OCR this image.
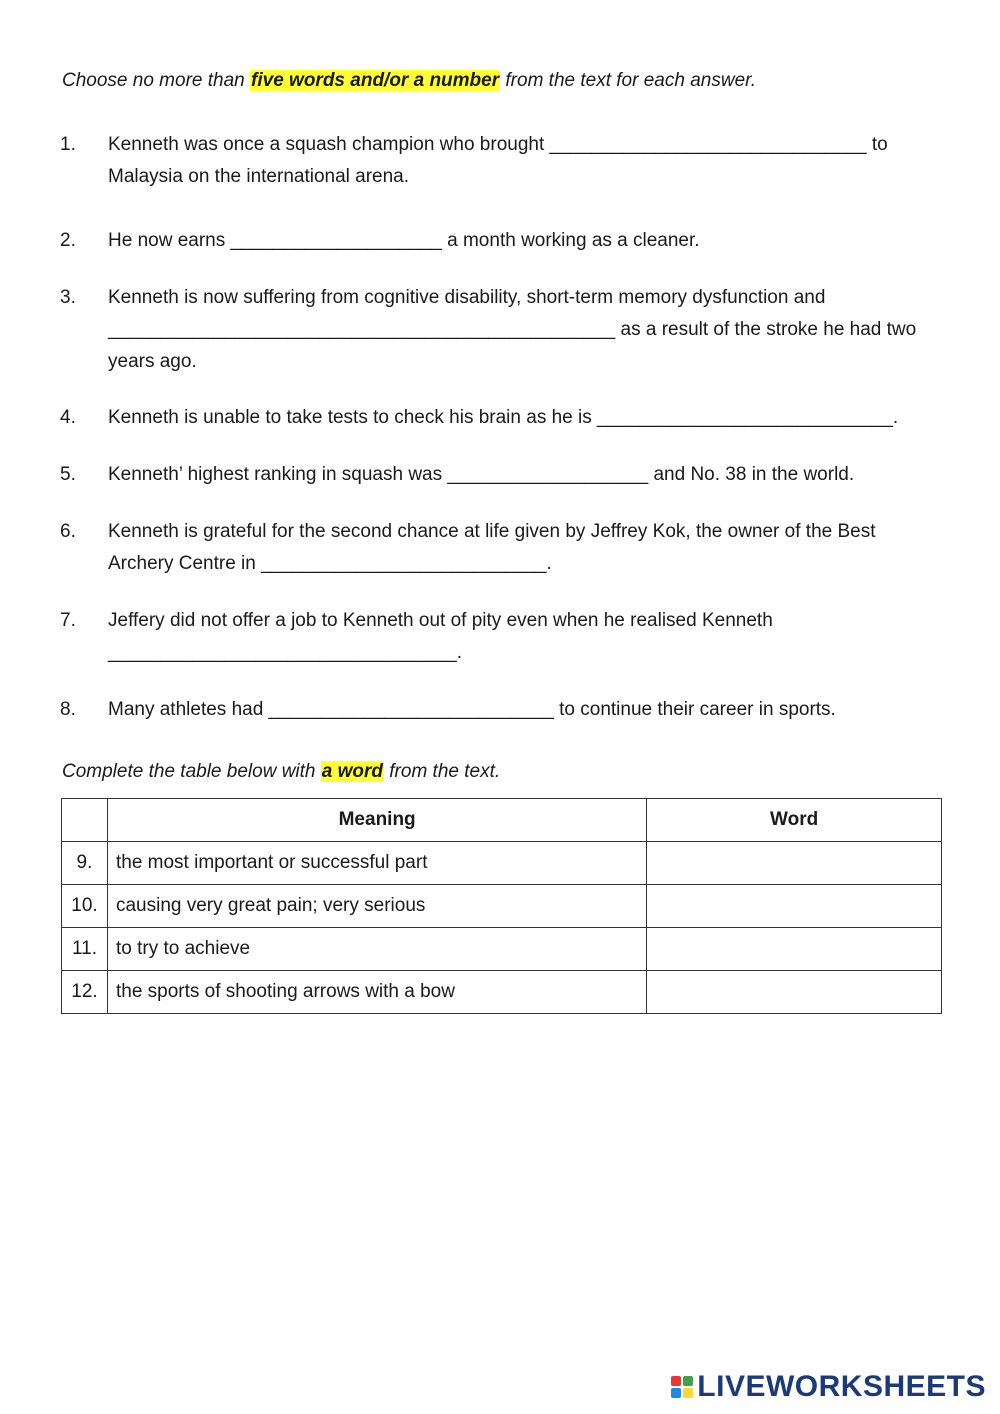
Choose no more than five words and/or a number from the text for each answer.

1.	Kenneth was once a squash champion who brought ______________________________ to Malaysia on the international arena.
2.	He now earns ____________________ a month working as a cleaner.
3.	Kenneth is now suffering from cognitive disability, short-term memory dysfunction and ________________________________________________ as a result of the stroke he had two years ago.
4.	Kenneth is unable to take tests to check his brain as he is ____________________________.
5.	Kenneth’ highest ranking in squash was ___________________ and No. 38 in the world.
6.	Kenneth is grateful for the second chance at life given by Jeffrey Kok, the owner of the Best Archery Centre in ___________________________.
7.	Jeffery did not offer a job to Kenneth out of pity even when he realised Kenneth _________________________________.
8.	Many athletes had ___________________________ to continue their career in sports.

Complete the table below with a word from the text.

	Meaning	Word
9.	the most important or successful part	
10.	causing very great pain; very serious	
11.	to try to achieve	
12.	the sports of shooting arrows with a bow	
LIVEWORKSHEETS
